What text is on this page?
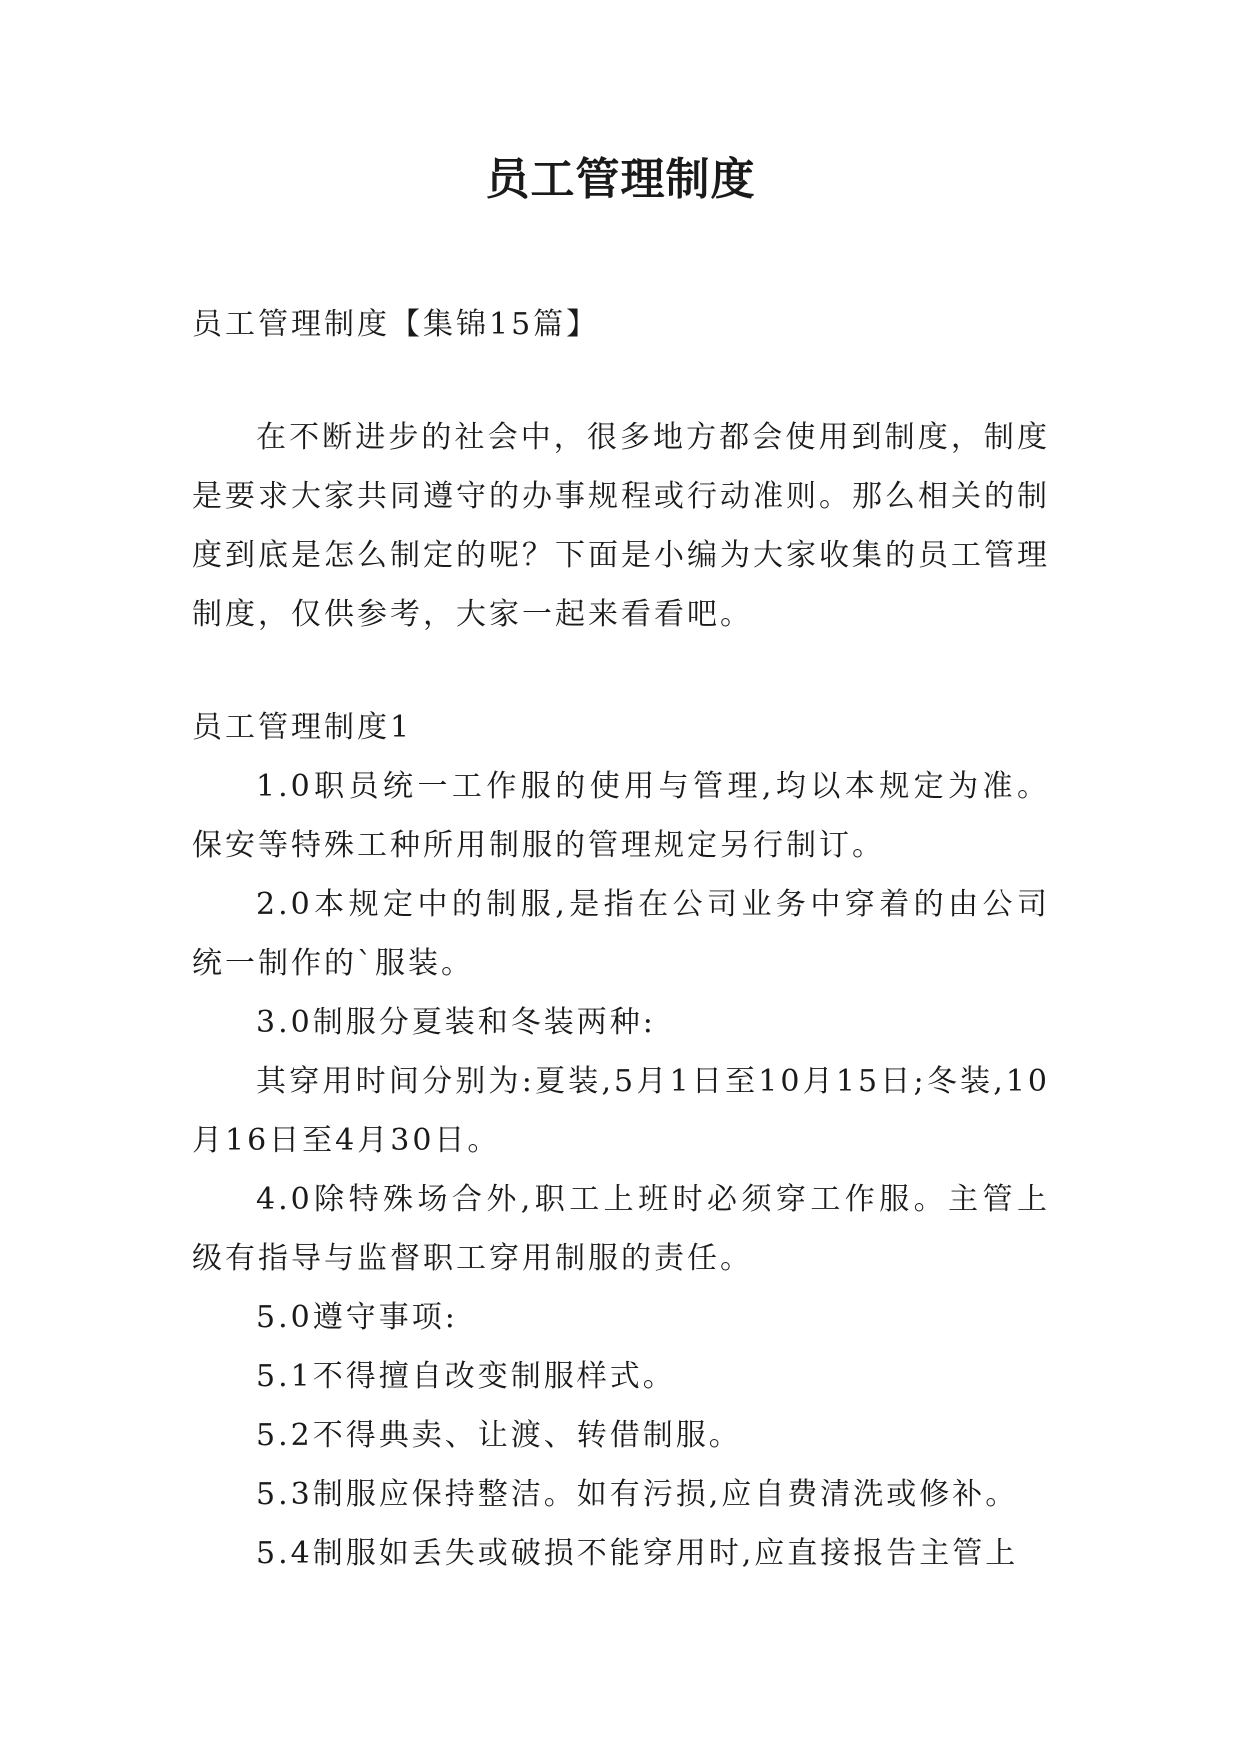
员工管理制度

员工管理制度【集锦15篇】

在不断进步的社会中，很多地方都会使用到制度，制度是要求大家共同遵守的办事规程或行动准则。那么相关的制度到底是怎么制定的呢？下面是小编为大家收集的员工管理制度，仅供参考，大家一起来看看吧。

员工管理制度1

1.0职员统一工作服的使用与管理,均以本规定为准。保安等特殊工种所用制服的管理规定另行制订。

2.0本规定中的制服,是指在公司业务中穿着的由公司统一制作的`服装。

3.0制服分夏装和冬装两种:

其穿用时间分别为:夏装,5月1日至10月15日;冬装,10月16日至4月30日。

4.0除特殊场合外,职工上班时必须穿工作服。主管上级有指导与监督职工穿用制服的责任。

5.0遵守事项:

5.1不得擅自改变制服样式。

5.2不得典卖、让渡、转借制服。

5.3制服应保持整洁。如有污损,应自费清洗或修补。

5.4制服如丢失或破损不能穿用时,应直接报告主管上
